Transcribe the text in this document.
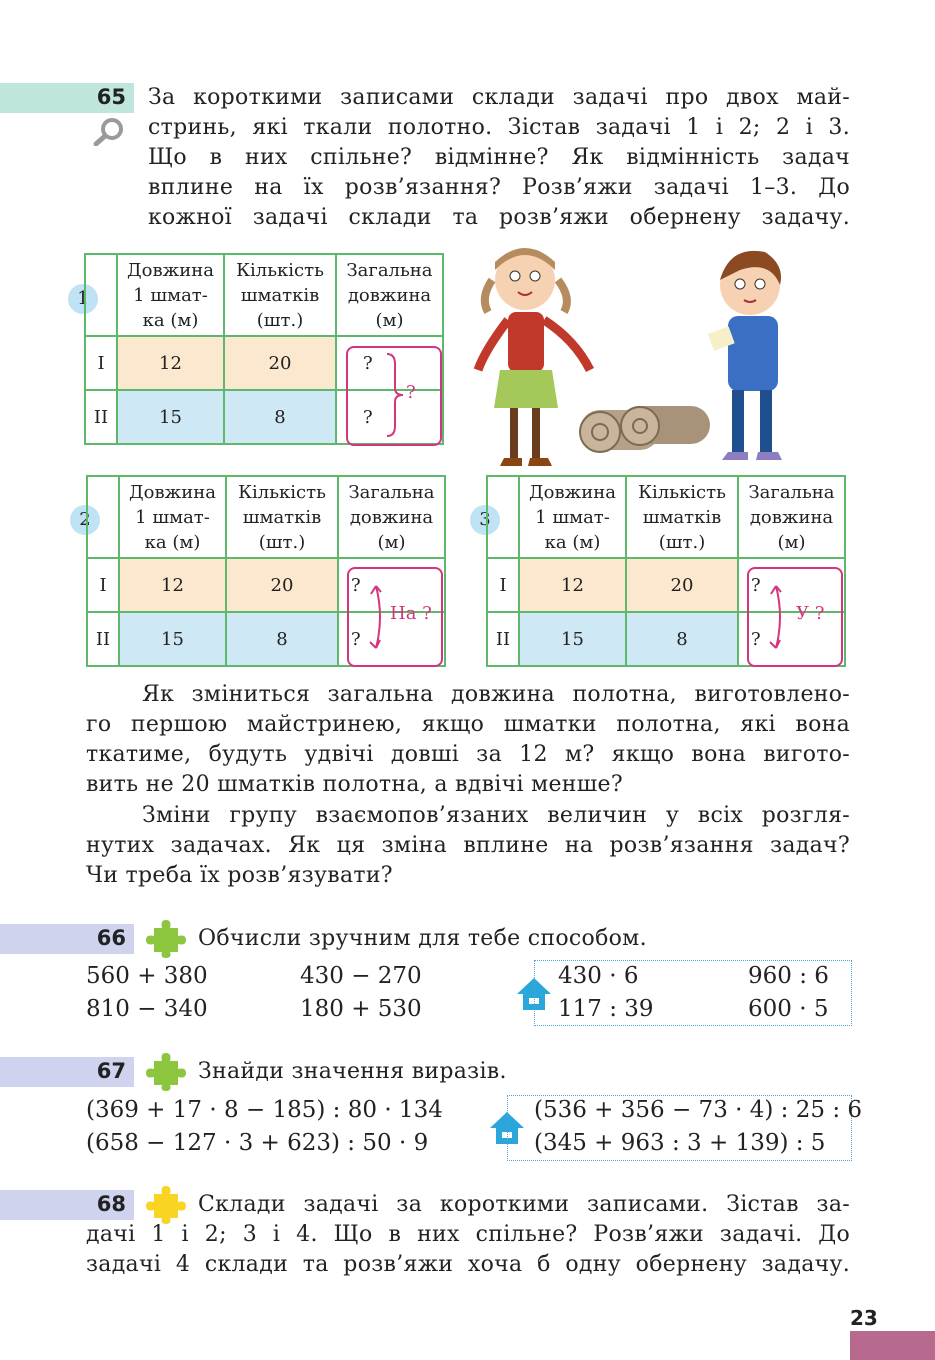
65 За короткими записами склади задачі про двох май-
стринь, які ткали полотно. Зістав задачі 1 і 2; 2 і 3.
Що в них спільне? відмінне? Як відмінність задач
вплине на їх розв’язання? Розв’яжи задачі 1–3. До
кожної задачі склади та розв’яжи обернену задачу.
1
	Довжина
1 шмат-
ка (м)	Кількість
шматків
(шт.)	Загальна
довжина
(м)
I	12	20	?
II	15	8	?
?
2
	Довжина
1 шмат-
ка (м)	Кількість
шматків
(шт.)	Загальна
довжина
(м)
I	12	20	?
II	15	8	?
На ?
3
	Довжина
1 шмат-
ка (м)	Кількість
шматків
(шт.)	Загальна
довжина
(м)
I	12	20	?
II	15	8	?
У ?
Як зміниться загальна довжина полотна, виготовлено-
го першою майстринею, якщо шматки полотна, які вона
ткатиме, будуть удвічі довші за 12 м? якщо вона вигото-
вить не 20 шматків полотна, а вдвічі менше?
Зміни групу взаємопов’язаних величин у всіх розгля-
нутих задачах. Як ця зміна вплине на розв’язання задач?
Чи треба їх розв’язувати?
66	Обчисли зручним для тебе способом.
560 + 380
810 − 340
430 − 270
180 + 530
430 · 6
117 : 39
960 : 6
600 · 5
67	Знайди значення виразів.
(369 + 17 · 8 − 185) : 80 · 134
(658 − 127 · 3 + 623) : 50 · 9
(536 + 356 − 73 · 4) : 25 : 6
(345 + 963 : 3 + 139) : 5
68	Склади задачі за короткими записами. Зістав за-
дачі 1 і 2; 3 і 4. Що в них спільне? Розв’яжи задачі. До
задачі 4 склади та розв’яжи хоча б одну обернену задачу.
23
